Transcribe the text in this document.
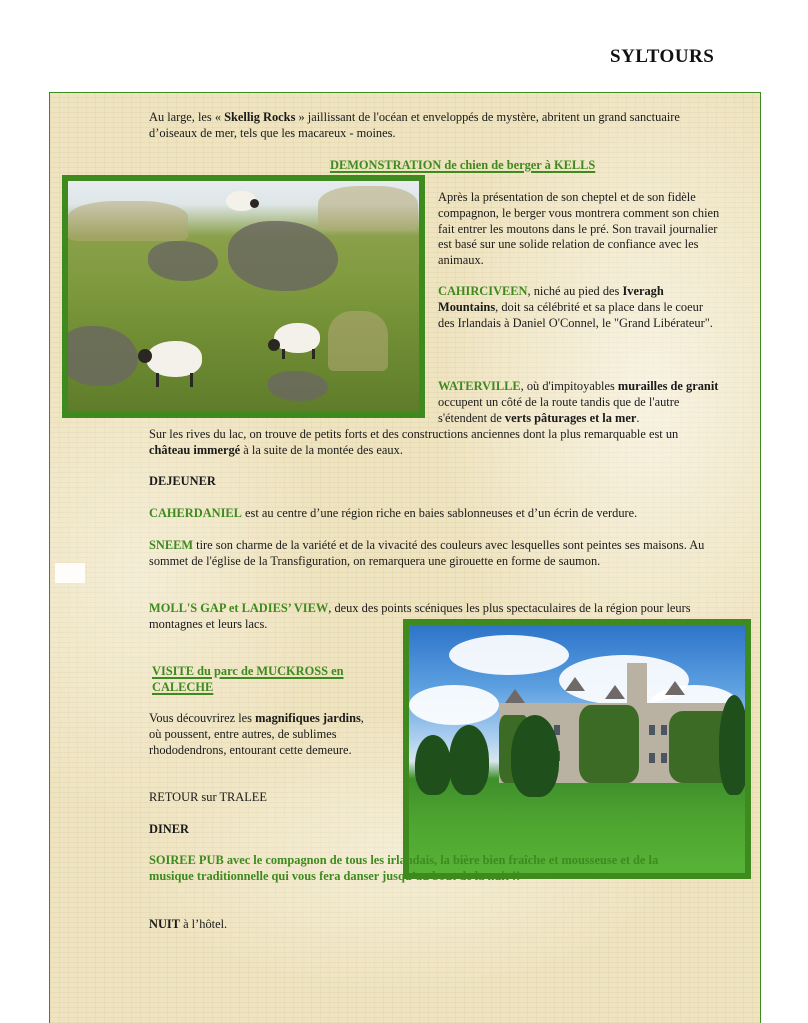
SYLTOURS

Au large, les « Skellig Rocks » jaillissant de l'océan et enveloppés de mystère, abritent un grand sanctuaire d’oiseaux de mer, tels que les macareux - moines.

DEMONSTRATION de chien de berger à KELLS

Après la présentation de son cheptel et de son fidèle compagnon, le berger vous montrera comment son chien fait entrer les moutons dans le pré. Son travail journalier est basé sur une solide relation de confiance avec les animaux.

CAHIRCIVEEN, niché au pied des Iveragh Mountains, doit sa célébrité et sa place dans le coeur des Irlandais à Daniel O'Connel, le "Grand Libérateur".

WATERVILLE, où d'impitoyables murailles de granit occupent un côté de la route tandis que de l'autre s'étendent de verts pâturages et la mer.

Sur les rives du lac, on trouve de petits forts et des constructions anciennes dont la plus remarquable est un château immergé à la suite de la montée des eaux.

DEJEUNER

CAHERDANIEL est au centre d’une région riche en baies sablonneuses et d’un écrin de verdure.

SNEEM tire son charme de la variété et de la vivacité des couleurs avec lesquelles sont peintes ses maisons. Au sommet de l'église de la Transfiguration, on remarquera une girouette en forme de saumon.

MOLL'S GAP et LADIES’ VIEW, deux des points scéniques les plus spectaculaires de la région pour leurs montagnes et leurs lacs.

VISITE du parc de MUCKROSS en
CALECHE

Vous découvrirez les magnifiques jardins, où poussent, entre autres, de sublimes rhododendrons, entourant cette demeure.

RETOUR sur TRALEE

DINER

SOIREE PUB avec le compagnon de tous les irlandais, la bière bien fraîche et mousseuse et de la musique traditionnelle qui vous fera danser jusqu’au bout de la nuit !!

NUIT à l’hôtel.
